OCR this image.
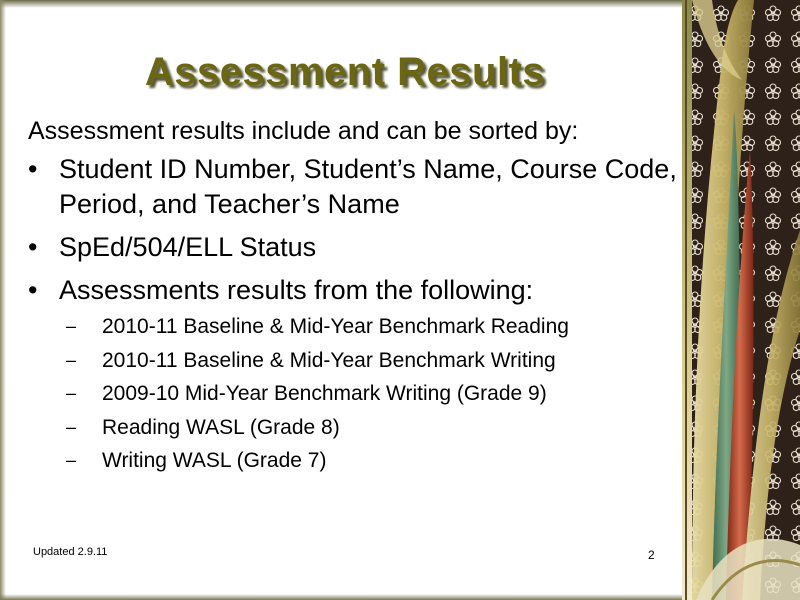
Assessment Results
Assessment results include and can be sorted by:
• Student ID Number, Student’s Name, Course Code, Period, and Teacher’s Name
• SpEd/504/ELL Status
• Assessments results from the following:
– 2010-11 Baseline & Mid-Year Benchmark Reading
– 2010-11 Baseline & Mid-Year Benchmark Writing
– 2009-10 Mid-Year Benchmark Writing (Grade 9)
– Reading WASL (Grade 8)
– Writing WASL (Grade 7)
Updated 2.9.11	2
